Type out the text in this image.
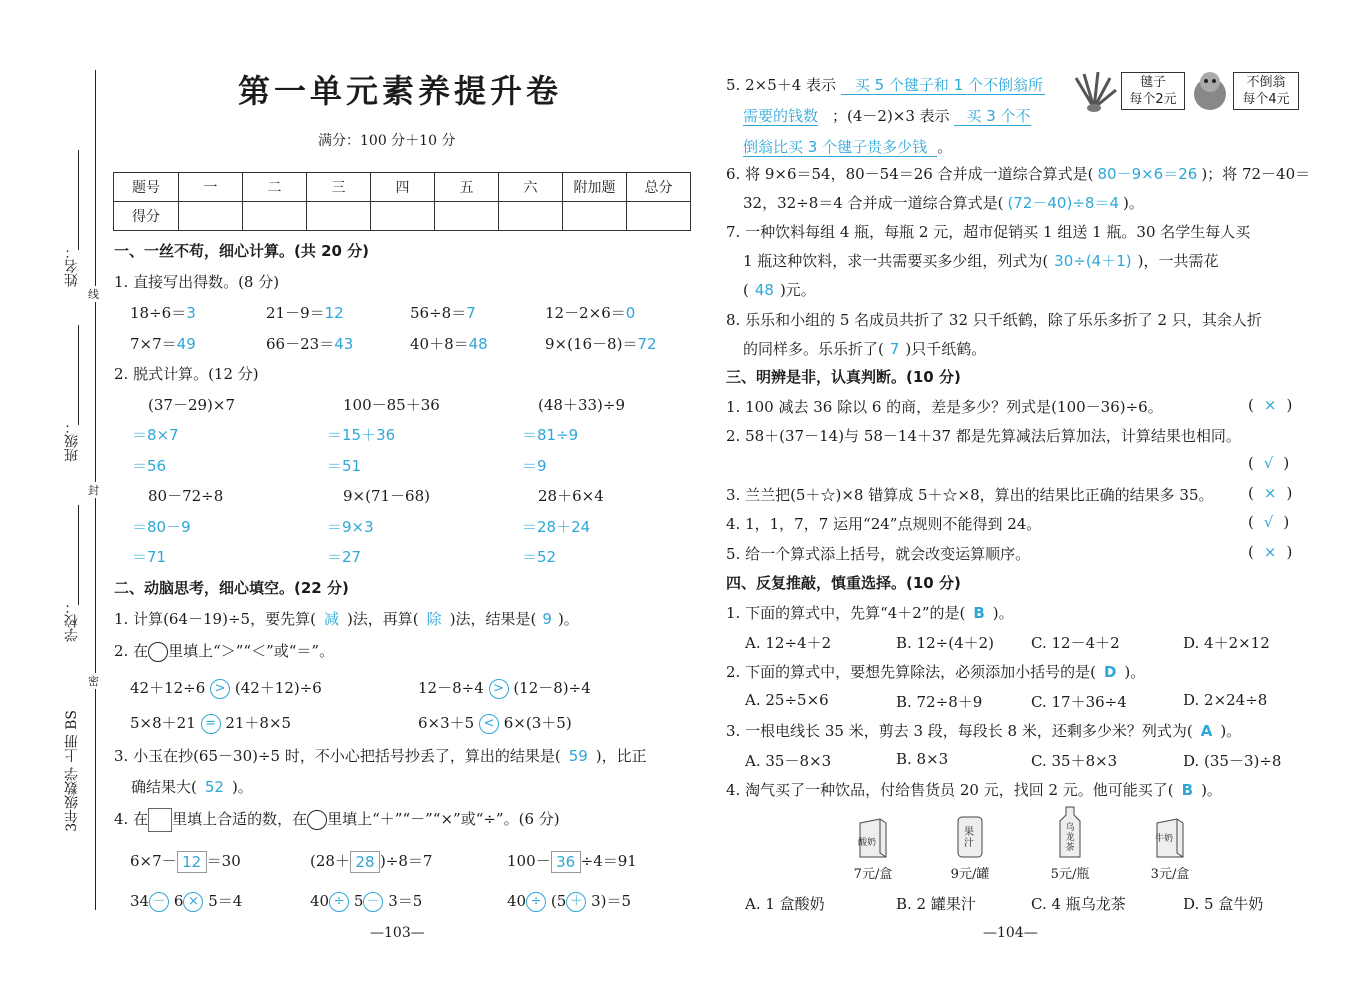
姓名：
班级：
学校：
3年级数学 上册 BS
线
封
密
第一单元素养提升卷
满分：100 分＋10 分
题号	一	二	三	四	五	六	附加题	总分
得分								
一、一丝不苟，细心计算。(共 20 分)
1. 直接写出得数。(8 分)
18÷6＝3	21－9＝12	56÷8＝7	12－2×6＝0
7×7＝49	66－23＝43	40＋8＝48	9×(16－8)＝72
2. 脱式计算。(12 分)
(37－29)×7
＝8×7
＝56
100－85＋36
＝15＋36
＝51
(48＋33)÷9
＝81÷9
＝9
80－72÷8
＝80－9
＝71
9×(71－68)
＝9×3
＝27
28＋6×4
＝28＋24
＝52
二、动脑思考，细心填空。(22 分)
1. 计算(64－19)÷5，要先算( 减 )法，再算( 除 )法，结果是( 9 )。
2. 在 里填上“＞”“＜”或“＝”。
42＋12÷6 > (42＋12)÷6	12－8÷4 > (12－8)÷4
5×8＋21 = 21＋8×5	6×3＋5 < 6×(3＋5)
3. 小玉在抄(65－30)÷5 时，不小心把括号抄丢了，算出的结果是( 59 )，比正
确结果大( 52 )。
4. 在 里填上合适的数，在 里填上“＋”“－”“×”或“÷”。(6 分)
6×7－ 12 ＝30	(28＋ 28 )÷8＝7	100－ 36 ÷4＝91
34 － 6 × 5＝4	40 ÷ 5 － 3＝5	40 ÷ (5 ＋ 3)＝5
—103—
5. 2×5＋4 表示 买 5 个毽子和 1 个不倒翁所
需要的钱数 ；(4－2)×3 表示 买 3 个不
倒翁比买 3 个毽子贵多少钱 。
毽子
每个2元
不倒翁
每个4元
6. 将 9×6＝54，80－54＝26 合并成一道综合算式是( 80－9×6＝26 )；将 72－40＝
32，32÷8＝4 合并成一道综合算式是( (72－40)÷8＝4 )。
7. 一种饮料每组 4 瓶，每瓶 2 元，超市促销买 1 组送 1 瓶。30 名学生每人买
1 瓶这种饮料，求一共需要买多少组，列式为( 30÷(4＋1) )，一共需花
( 48 )元。
8. 乐乐和小组的 5 名成员共折了 32 只千纸鹤，除了乐乐多折了 2 只，其余人折
的同样多。乐乐折了( 7 )只千纸鹤。
三、明辨是非，认真判断。(10 分)
1. 100 减去 36 除以 6 的商，差是多少？列式是(100－36)÷6。	( × )
2. 58＋(37－14)与 58－14＋37 都是先算减法后算加法，计算结果也相同。
( √ )
3. 兰兰把(5＋☆)×8 错算成 5＋☆×8，算出的结果比正确的结果多 35。 ( × )
4. 1，1，7，7 运用“24”点规则不能得到 24。	( √ )
5. 给一个算式添上括号，就会改变运算顺序。	( × )
四、反复推敲，慎重选择。(10 分)
1. 下面的算式中，先算“4＋2”的是( B )。
A. 12÷4＋2	B. 12÷(4＋2) C. 12－4＋2	D. 4＋2×12
2. 下面的算式中，要想先算除法，必须添加小括号的是( D )。
A. 25÷5×6	B. 72÷8＋9	C. 17＋36÷4	D. 2×24÷8
3. 一根电线长 35 米，剪去 3 段，每段长 8 米，还剩多少米？列式为( A )。
A. 35－8×3	B. 8×3	C. 35＋8×3	D. (35－3)÷8
4. 淘气买了一种饮品，付给售货员 20 元，找回 2 元。他可能买了( B )。
酸奶
7元/盒
果汁
9元/罐
乌龙茶
5元/瓶
牛奶
3元/盒
A. 1 盒酸奶	B. 2 罐果汁	C. 4 瓶乌龙茶	D. 5 盒牛奶
—104—
